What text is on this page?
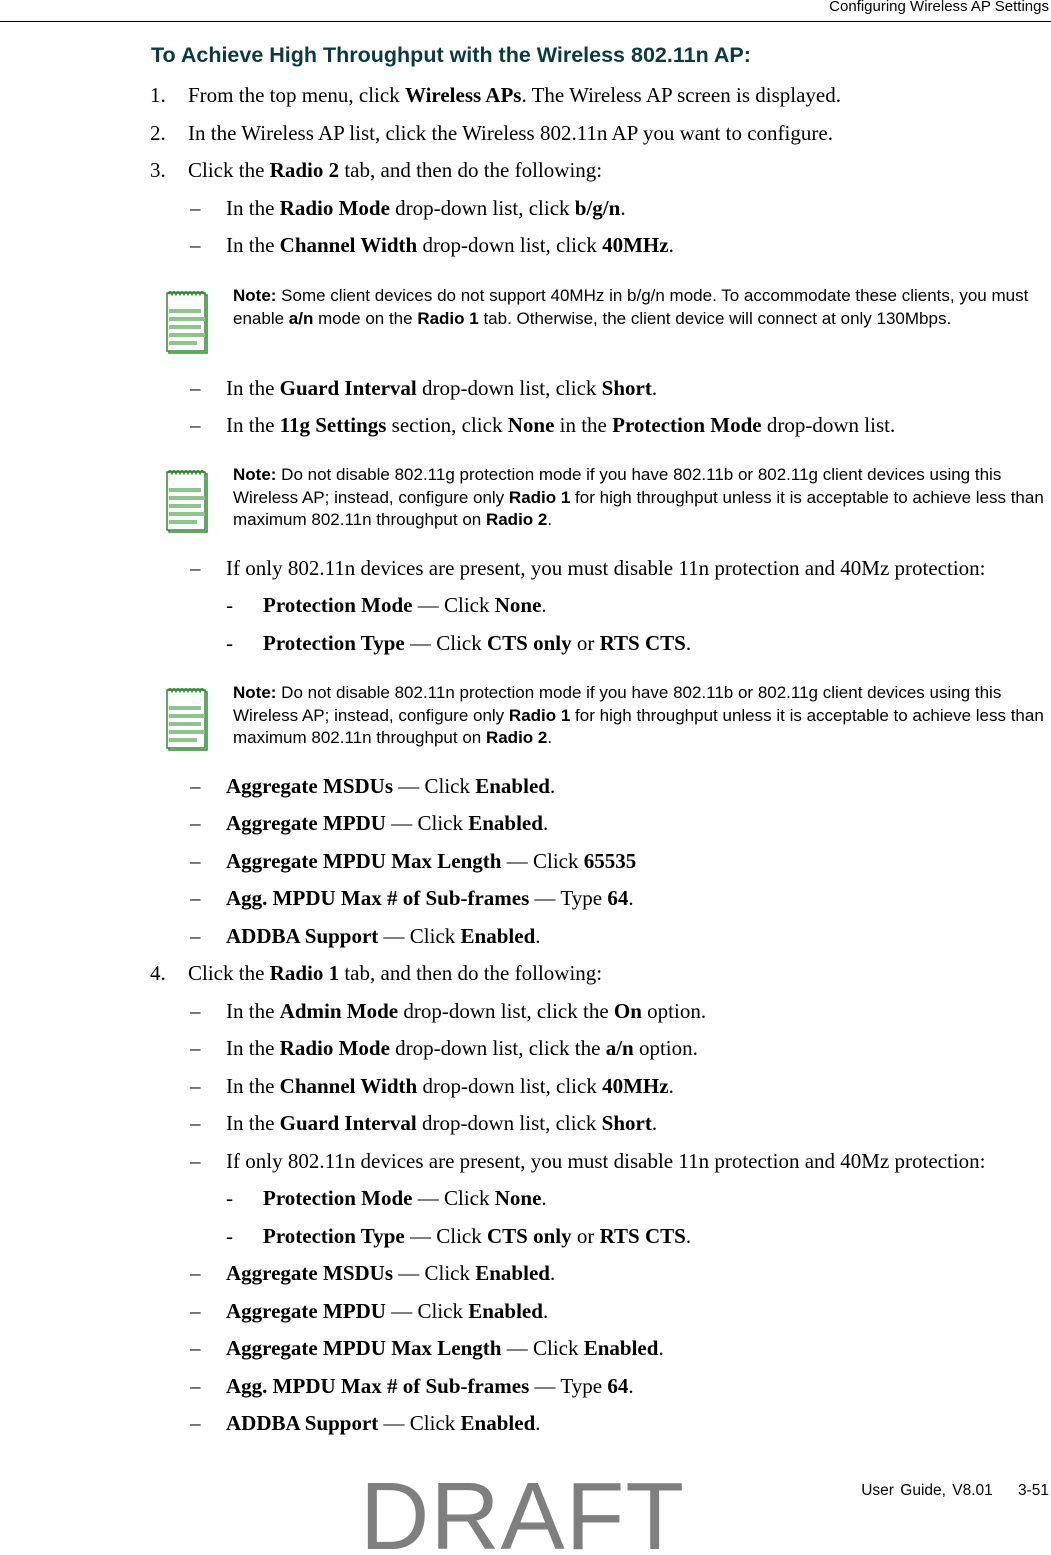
Configuring Wireless AP Settings
To Achieve High Throughput with the Wireless 802.11n AP:
1. From the top menu, click Wireless APs. The Wireless AP screen is displayed.
2. In the Wireless AP list, click the Wireless 802.11n AP you want to configure.
3. Click the Radio 2 tab, and then do the following:
– In the Radio Mode drop-down list, click b/g/n.
– In the Channel Width drop-down list, click 40MHz.
Note: Some client devices do not support 40MHz in b/g/n mode. To accommodate these clients, you must enable a/n mode on the Radio 1 tab. Otherwise, the client device will connect at only 130Mbps.
– In the Guard Interval drop-down list, click Short.
– In the 11g Settings section, click None in the Protection Mode drop-down list.
Note: Do not disable 802.11g protection mode if you have 802.11b or 802.11g client devices using this Wireless AP; instead, configure only Radio 1 for high throughput unless it is acceptable to achieve less than maximum 802.11n throughput on Radio 2.
– If only 802.11n devices are present, you must disable 11n protection and 40Mz protection:
- Protection Mode — Click None.
- Protection Type — Click CTS only or RTS CTS.
Note: Do not disable 802.11n protection mode if you have 802.11b or 802.11g client devices using this Wireless AP; instead, configure only Radio 1 for high throughput unless it is acceptable to achieve less than maximum 802.11n throughput on Radio 2.
– Aggregate MSDUs — Click Enabled.
– Aggregate MPDU — Click Enabled.
– Aggregate MPDU Max Length — Click 65535
– Agg. MPDU Max # of Sub-frames — Type 64.
– ADDBA Support — Click Enabled.
4. Click the Radio 1 tab, and then do the following:
– In the Admin Mode drop-down list, click the On option.
– In the Radio Mode drop-down list, click the a/n option.
– In the Channel Width drop-down list, click 40MHz.
– In the Guard Interval drop-down list, click Short.
– If only 802.11n devices are present, you must disable 11n protection and 40Mz protection:
- Protection Mode — Click None.
- Protection Type — Click CTS only or RTS CTS.
– Aggregate MSDUs — Click Enabled.
– Aggregate MPDU — Click Enabled.
– Aggregate MPDU Max Length — Click Enabled.
– Agg. MPDU Max # of Sub-frames — Type 64.
– ADDBA Support — Click Enabled.
User Guide, V8.01    3-51
DRAFT
